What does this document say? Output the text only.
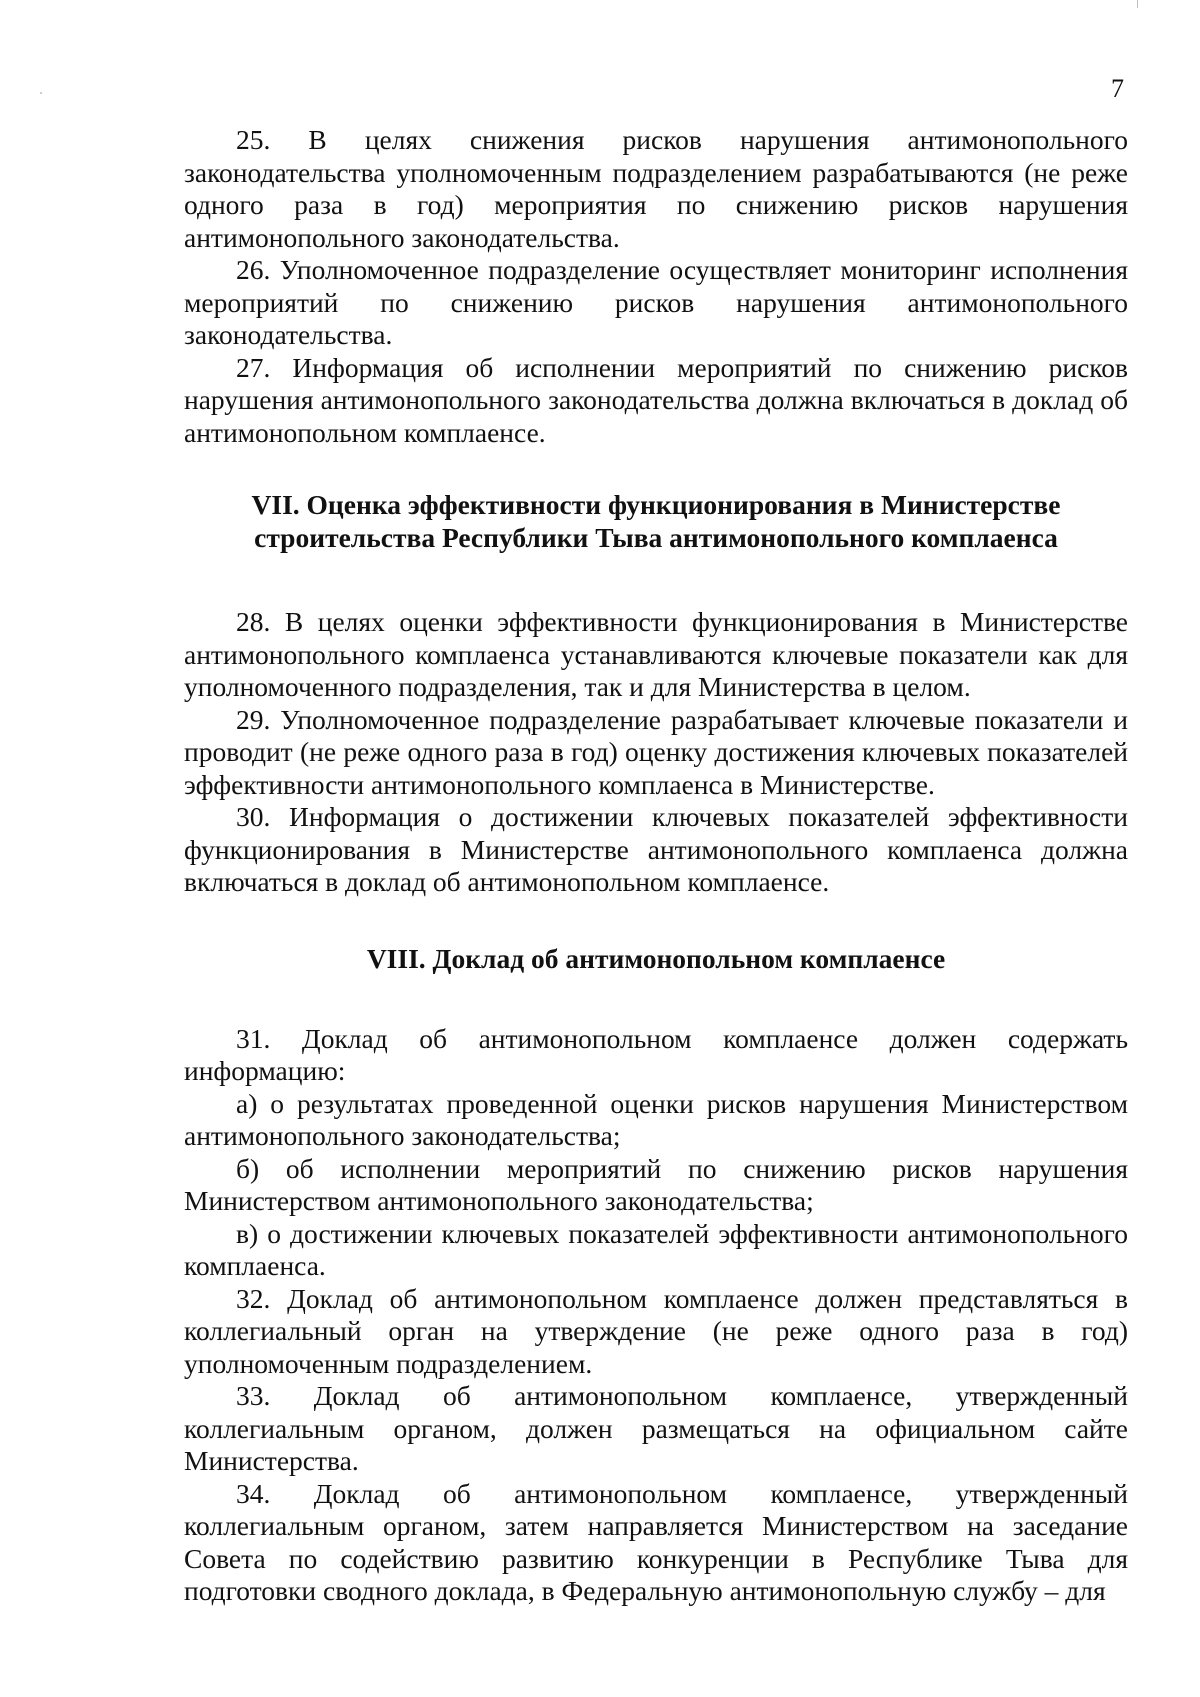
7

25. В целях снижения рисков нарушения антимонопольного законодательства уполномоченным подразделением разрабатываются (не реже одного раза в год) мероприятия по снижению рисков нарушения антимонопольного законодательства.

26. Уполномоченное подразделение осуществляет мониторинг исполнения мероприятий по снижению рисков нарушения антимонопольного законодательства.

27. Информация об исполнении мероприятий по снижению рисков нарушения антимонопольного законодательства должна включаться в доклад об антимонопольном комплаенсе.

VII. Оценка эффективности функционирования в Министерстве строительства Республики Тыва антимонопольного комплаенса

28. В целях оценки эффективности функционирования в Министерстве антимонопольного комплаенса устанавливаются ключевые показатели как для уполномоченного подразделения, так и для Министерства в целом.

29. Уполномоченное подразделение разрабатывает ключевые показатели и проводит (не реже одного раза в год) оценку достижения ключевых показателей эффективности антимонопольного комплаенса в Министерстве.

30. Информация о достижении ключевых показателей эффективности функционирования в Министерстве антимонопольного комплаенса должна включаться в доклад об антимонопольном комплаенсе.

VIII. Доклад об антимонопольном комплаенсе

31. Доклад об антимонопольном комплаенсе должен содержать информацию:

а) о результатах проведенной оценки рисков нарушения Министерством антимонопольного законодательства;

б) об исполнении мероприятий по снижению рисков нарушения Министерством антимонопольного законодательства;

в) о достижении ключевых показателей эффективности антимонопольного комплаенса.

32. Доклад об антимонопольном комплаенсе должен представляться в коллегиальный орган на утверждение (не реже одного раза в год) уполномоченным подразделением.

33. Доклад об антимонопольном комплаенсе, утвержденный коллегиальным органом, должен размещаться на официальном сайте Министерства.

34. Доклад об антимонопольном комплаенсе, утвержденный коллегиальным органом, затем направляется Министерством на заседание Совета по содействию развитию конкуренции в Республике Тыва для подготовки сводного доклада, в Федеральную антимонопольную службу – для
